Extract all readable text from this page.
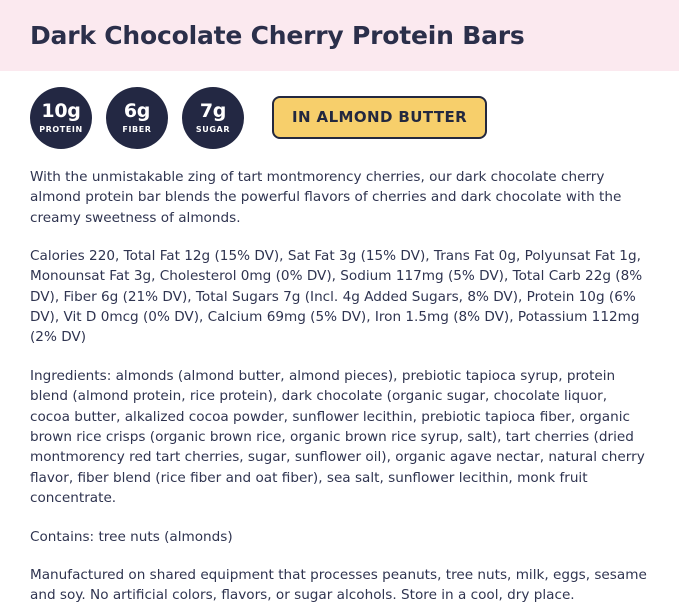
Dark Chocolate Cherry Protein Bars
10g
PROTEIN
6g
FIBER
7g
SUGAR
IN ALMOND BUTTER

With the unmistakable zing of tart montmorency cherries, our dark chocolate cherry almond protein bar blends the powerful flavors of cherries and dark chocolate with the creamy sweetness of almonds.

Calories 220, Total Fat 12g (15% DV), Sat Fat 3g (15% DV), Trans Fat 0g, Polyunsat Fat 1g, Monounsat Fat 3g, Cholesterol 0mg (0% DV), Sodium 117mg (5% DV), Total Carb 22g (8% DV), Fiber 6g (21% DV), Total Sugars 7g (Incl. 4g Added Sugars, 8% DV), Protein 10g (6% DV), Vit D 0mcg (0% DV), Calcium 69mg (5% DV), Iron 1.5mg (8% DV), Potassium 112mg (2% DV)

Ingredients: almonds (almond butter, almond pieces), prebiotic tapioca syrup, protein blend (almond protein, rice protein), dark chocolate (organic sugar, chocolate liquor, cocoa butter, alkalized cocoa powder, sunflower lecithin, prebiotic tapioca fiber, organic brown rice crisps (organic brown rice, organic brown rice syrup, salt), tart cherries (dried montmorency red tart cherries, sugar, sunflower oil), organic agave nectar, natural cherry flavor, fiber blend (rice fiber and oat fiber), sea salt, sunflower lecithin, monk fruit concentrate.

Contains: tree nuts (almonds)

Manufactured on shared equipment that processes peanuts, tree nuts, milk, eggs, sesame and soy. No artificial colors, flavors, or sugar alcohols. Store in a cool, dry place.
